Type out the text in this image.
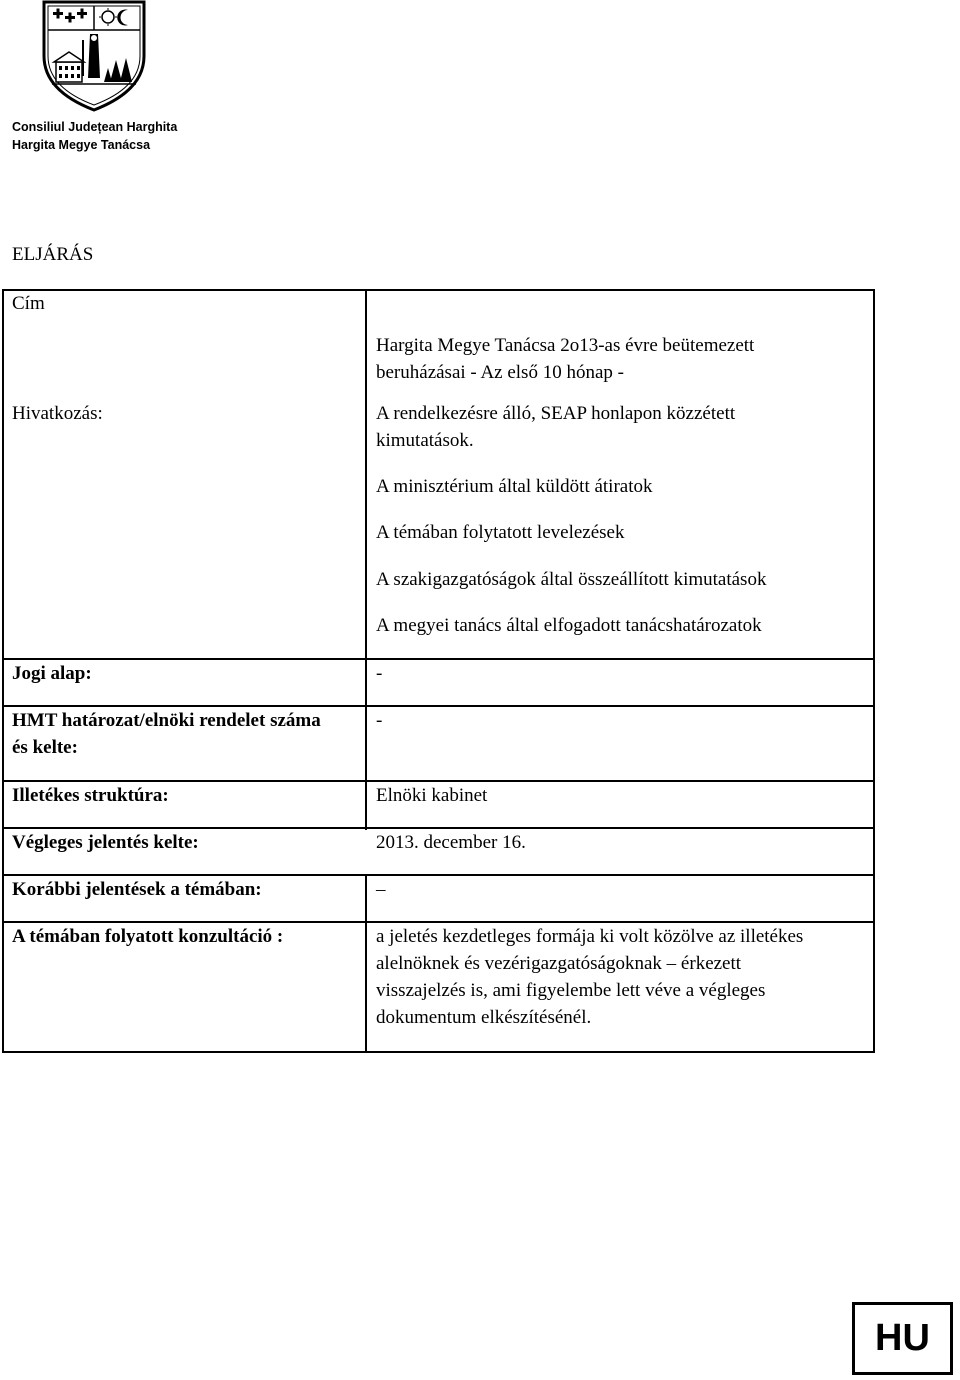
Consiliul Județean Harghita
Hargita Megye Tanácsa
ELJÁRÁS
Cím
Hivatkozás:
Jogi alap:
HMT határozat/elnöki rendelet száma
és kelte:
Illetékes struktúra:
Végleges jelentés kelte:
Korábbi jelentések a témában:
A témában folyatott konzultáció :
Hargita Megye Tanácsa 2o13-as évre beütemezett
beruházásai - Az első 10 hónap -
A rendelkezésre álló, SEAP honlapon közzétett
kimutatások.
A minisztérium által küldött átiratok
A témában folytatott levelezések
A szakigazgatóságok által összeállított kimutatások
A megyei tanács által elfogadott tanácshatározatok
-
-
Elnöki kabinet
2013. december 16.
–
a jeletés kezdetleges formája ki volt közölve az illetékes
alelnöknek és vezérigazgatóságoknak – érkezett
visszajelzés is, ami figyelembe lett véve a végleges
dokumentum elkészítésénél.
HU
